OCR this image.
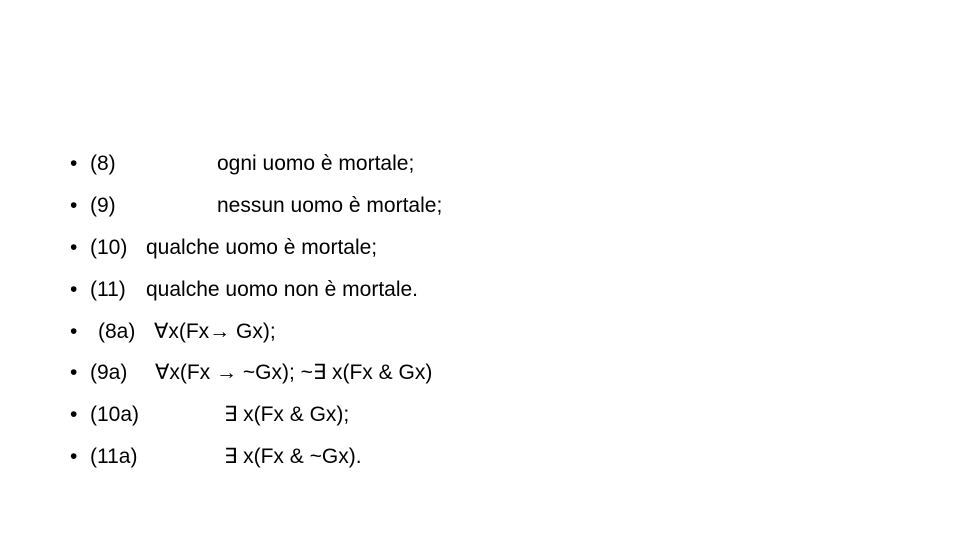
• (8)	ogni uomo è mortale;
• (9)	nessun uomo è mortale;
• (10) qualche uomo è mortale;
• (11) qualche uomo non è mortale.
• (8a) ∀x(Fx→ Gx);
• (9a) ∀x(Fx → ~Gx); ~∃ x(Fx & Gx)
• (10a)	∃ x(Fx & Gx);
• (11a)	∃ x(Fx & ~Gx).
